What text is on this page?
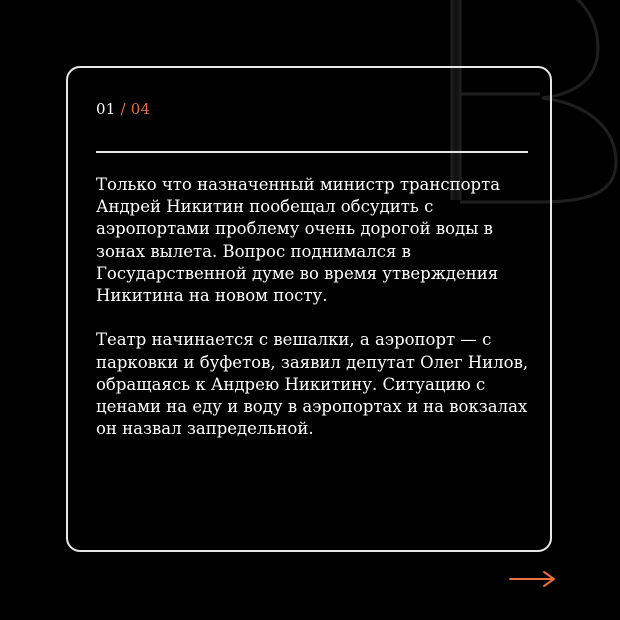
01 / 04

Только что назначенный министр транспорта Андрей Никитин пообещал обсудить с аэропортами проблему очень дорогой воды в зонах вылета. Вопрос поднимался в Государственной думе во время утверждения Никитина на новом посту.

Театр начинается с вешалки, а аэропорт — с парковки и буфетов, заявил депутат Олег Нилов, обращаясь к Андрею Никитину. Ситуацию с ценами на еду и воду в аэропортах и на вокзалах он назвал запредельной.
